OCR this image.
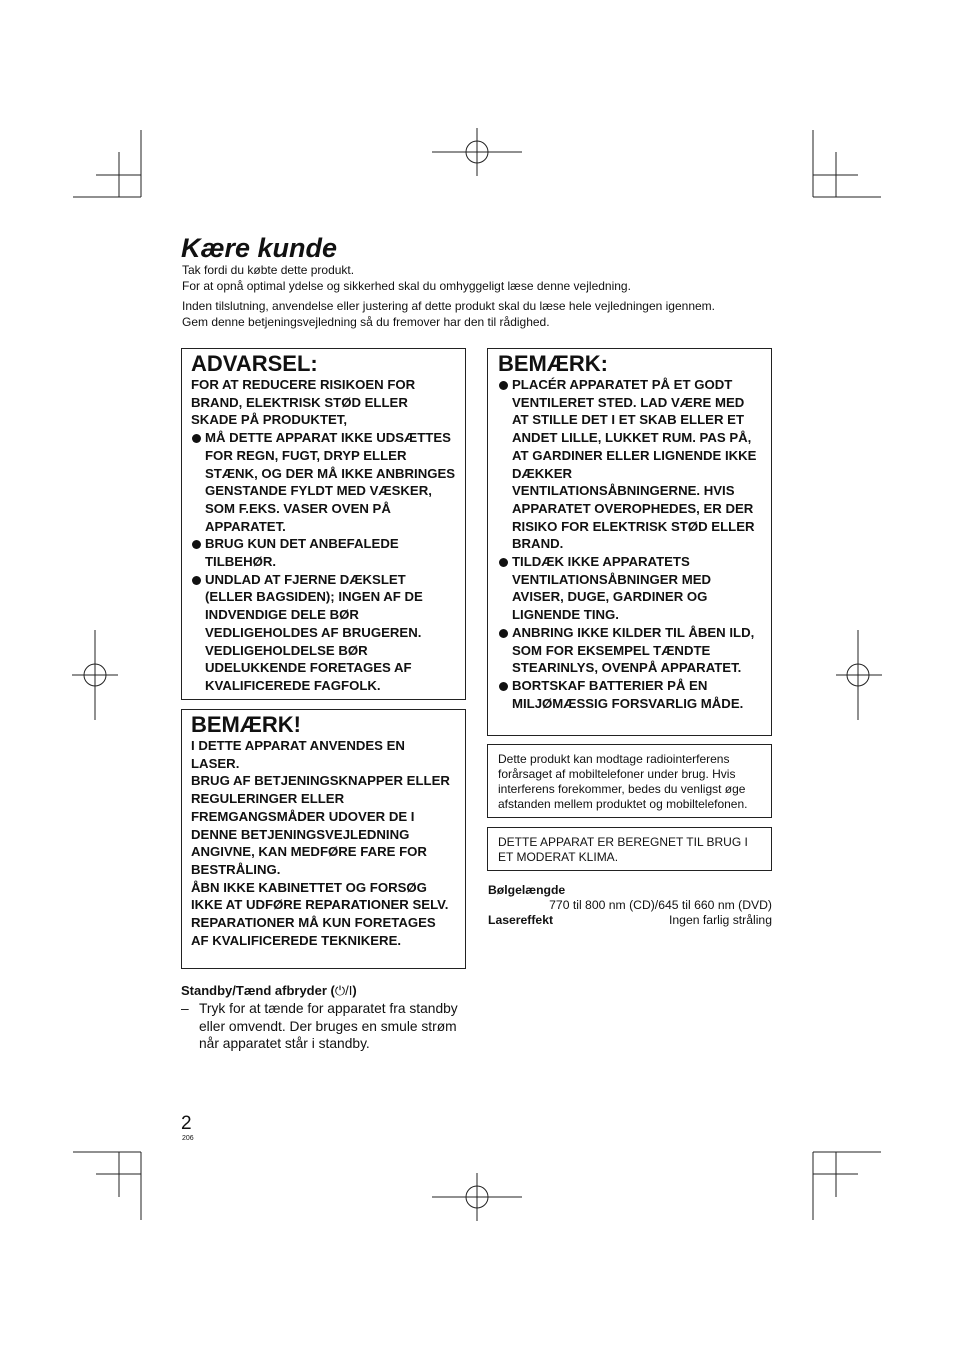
Kære kunde
Tak fordi du købte dette produkt.
For at opnå optimal ydelse og sikkerhed skal du omhyggeligt læse denne vejledning.
Inden tilslutning, anvendelse eller justering af dette produkt skal du læse hele vejledningen igennem.
Gem denne betjeningsvejledning så du fremover har den til rådighed.
ADVARSEL:
FOR AT REDUCERE RISIKOEN FOR BRAND, ELEKTRISK STØD ELLER SKADE PÅ PRODUKTET,
MÅ DETTE APPARAT IKKE UDSÆTTES FOR REGN, FUGT, DRYP ELLER STÆNK, OG DER MÅ IKKE ANBRINGES GENSTANDE FYLDT MED VÆSKER, SOM F.EKS. VASER OVEN PÅ APPARATET.
BRUG KUN DET ANBEFALEDE TILBEHØR.
UNDLAD AT FJERNE DÆKSLET (ELLER BAGSIDEN); INGEN AF DE INDVENDIGE DELE BØR VEDLIGEHOLDES AF BRUGEREN. VEDLIGEHOLDELSE BØR UDELUKKENDE FORETAGES AF KVALIFICEREDE FAGFOLK.
BEMÆRK!
I DETTE APPARAT ANVENDES EN LASER.
BRUG AF BETJENINGSKNAPPER ELLER REGULERINGER ELLER FREMGANGSMÅDER UDOVER DE I DENNE BETJENINGSVEJLEDNING ANGIVNE, KAN MEDFØRE FARE FOR BESTRÅLING.
ÅBN IKKE KABINETTET OG FORSØG IKKE AT UDFØRE REPARATIONER SELV.
REPARATIONER MÅ KUN FORETAGES AF KVALIFICEREDE TEKNIKERE.
Standby/Tænd afbryder (⏻/I)
– Tryk for at tænde for apparatet fra standby eller omvendt. Der bruges en smule strøm når apparatet står i standby.
BEMÆRK:
PLACÉR APPARATET PÅ ET GODT VENTILERET STED. LAD VÆRE MED AT STILLE DET I ET SKAB ELLER ET ANDET LILLE, LUKKET RUM. PAS PÅ, AT GARDINER ELLER LIGNENDE IKKE DÆKKER VENTILATIONSÅBNINGERNE. HVIS APPARATET OVEROPHEDES, ER DER RISIKO FOR ELEKTRISK STØD ELLER BRAND.
TILDÆK IKKE APPARATETS VENTILATIONSÅBNINGER MED AVISER, DUGE, GARDINER OG LIGNENDE TING.
ANBRING IKKE KILDER TIL ÅBEN ILD, SOM FOR EKSEMPEL TÆNDTE STEARINLYS, OVENPÅ APPARATET.
BORTSKAF BATTERIER PÅ EN MILJØMÆSSIG FORSVARLIG MÅDE.
Dette produkt kan modtage radiointerferens forårsaget af mobiltelefoner under brug. Hvis interferens forekommer, bedes du venligst øge afstanden mellem produktet og mobiltelefonen.
DETTE APPARAT ER BEREGNET TIL BRUG I ET MODERAT KLIMA.
Bølgelængde
770 til 800 nm (CD)/645 til 660 nm (DVD)
Lasereffekt	Ingen farlig stråling
2
206
